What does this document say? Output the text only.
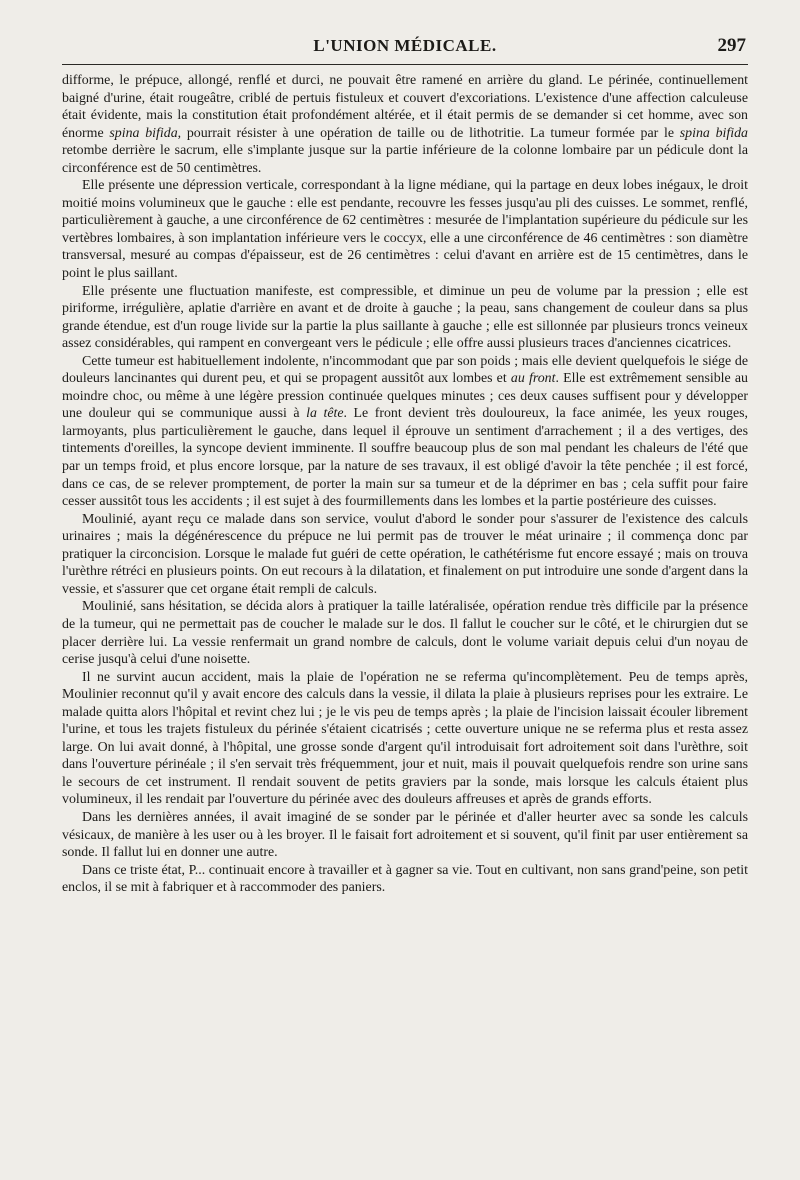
L'UNION MÉDICALE.	297

difforme, le prépuce, allongé, renflé et durci, ne pouvait être ramené en arrière du gland. Le périnée, continuellement baigné d'urine, était rougeâtre, criblé de pertuis fistuleux et couvert d'excoriations. L'existence d'une affection calculeuse était évidente, mais la constitution était profondément altérée, et il était permis de se demander si cet homme, avec son énorme spina bifida, pourrait résister à une opération de taille ou de lithotritie. La tumeur formée par le spina bifida retombe derrière le sacrum, elle s'implante jusque sur la partie inférieure de la colonne lombaire par un pédicule dont la circonférence est de 50 centimètres.

Elle présente une dépression verticale, correspondant à la ligne médiane, qui la partage en deux lobes inégaux, le droit moitié moins volumineux que le gauche : elle est pendante, recouvre les fesses jusqu'au pli des cuisses. Le sommet, renflé, particulièrement à gauche, a une circonférence de 62 centimètres : mesurée de l'implantation supérieure du pédicule sur les vertèbres lombaires, à son implantation inférieure vers le coccyx, elle a une circonférence de 46 centimètres : son diamètre transversal, mesuré au compas d'épaisseur, est de 26 centimètres : celui d'avant en arrière est de 15 centimètres, dans le point le plus saillant.

Elle présente une fluctuation manifeste, est compressible, et diminue un peu de volume par la pression ; elle est piriforme, irrégulière, aplatie d'arrière en avant et de droite à gauche ; la peau, sans changement de couleur dans sa plus grande étendue, est d'un rouge livide sur la partie la plus saillante à gauche ; elle est sillonnée par plusieurs troncs veineux assez considérables, qui rampent en convergeant vers le pédicule ; elle offre aussi plusieurs traces d'anciennes cicatrices.

Cette tumeur est habituellement indolente, n'incommodant que par son poids ; mais elle devient quelquefois le siége de douleurs lancinantes qui durent peu, et qui se propagent aussitôt aux lombes et au front. Elle est extrêmement sensible au moindre choc, ou même à une légère pression continuée quelques minutes ; ces deux causes suffisent pour y développer une douleur qui se communique aussi à la tête. Le front devient très douloureux, la face animée, les yeux rouges, larmoyants, plus particulièrement le gauche, dans lequel il éprouve un sentiment d'arrachement ; il a des vertiges, des tintements d'oreilles, la syncope devient imminente. Il souffre beaucoup plus de son mal pendant les chaleurs de l'été que par un temps froid, et plus encore lorsque, par la nature de ses travaux, il est obligé d'avoir la tête penchée ; il est forcé, dans ce cas, de se relever promptement, de porter la main sur sa tumeur et de la déprimer en bas ; cela suffit pour faire cesser aussitôt tous les accidents ; il est sujet à des fourmillements dans les lombes et la partie postérieure des cuisses.

Moulinié, ayant reçu ce malade dans son service, voulut d'abord le sonder pour s'assurer de l'existence des calculs urinaires ; mais la dégénérescence du prépuce ne lui permit pas de trouver le méat urinaire ; il commença donc par pratiquer la circoncision. Lorsque le malade fut guéri de cette opération, le cathétérisme fut encore essayé ; mais on trouva l'urèthre rétréci en plusieurs points. On eut recours à la dilatation, et finalement on put introduire une sonde d'argent dans la vessie, et s'assurer que cet organe était rempli de calculs.

Moulinié, sans hésitation, se décida alors à pratiquer la taille latéralisée, opération rendue très difficile par la présence de la tumeur, qui ne permettait pas de coucher le malade sur le dos. Il fallut le coucher sur le côté, et le chirurgien dut se placer derrière lui. La vessie renfermait un grand nombre de calculs, dont le volume variait depuis celui d'un noyau de cerise jusqu'à celui d'une noisette.

Il ne survint aucun accident, mais la plaie de l'opération ne se referma qu'incomplètement. Peu de temps après, Moulinier reconnut qu'il y avait encore des calculs dans la vessie, il dilata la plaie à plusieurs reprises pour les extraire. Le malade quitta alors l'hôpital et revint chez lui ; je le vis peu de temps après ; la plaie de l'incision laissait écouler librement l'urine, et tous les trajets fistuleux du périnée s'étaient cicatrisés ; cette ouverture unique ne se referma plus et resta assez large. On lui avait donné, à l'hôpital, une grosse sonde d'argent qu'il introduisait fort adroitement soit dans l'urèthre, soit dans l'ouverture périnéale ; il s'en servait très fréquemment, jour et nuit, mais il pouvait quelquefois rendre son urine sans le secours de cet instrument. Il rendait souvent de petits graviers par la sonde, mais lorsque les calculs étaient plus volumineux, il les rendait par l'ouverture du périnée avec des douleurs affreuses et après de grands efforts.

Dans les dernières années, il avait imaginé de se sonder par le périnée et d'aller heurter avec sa sonde les calculs vésicaux, de manière à les user ou à les broyer. Il le faisait fort adroitement et si souvent, qu'il finit par user entièrement sa sonde. Il fallut lui en donner une autre.

Dans ce triste état, P... continuait encore à travailler et à gagner sa vie. Tout en cultivant, non sans grand'peine, son petit enclos, il se mit à fabriquer et à raccommoder des paniers.
